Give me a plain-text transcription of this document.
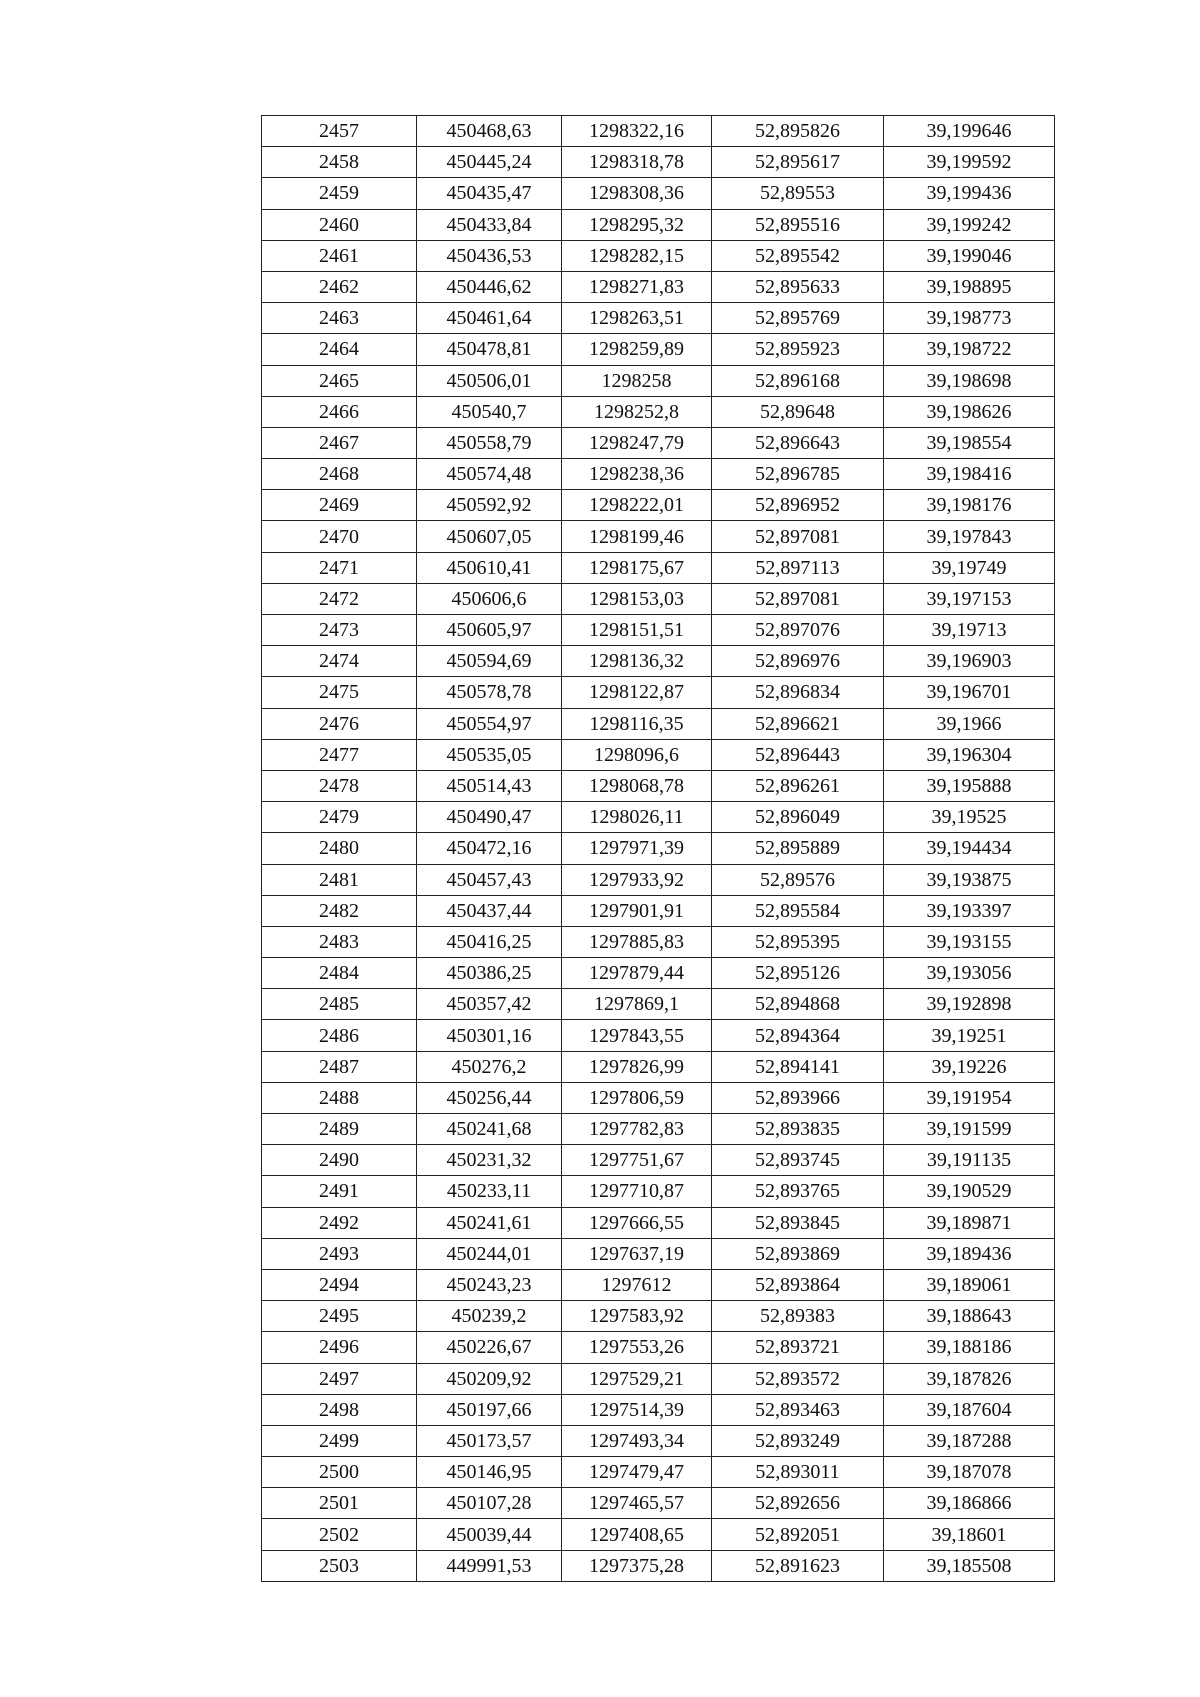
2457	450468,63	1298322,16	52,895826	39,199646
2458	450445,24	1298318,78	52,895617	39,199592
2459	450435,47	1298308,36	52,89553	39,199436
2460	450433,84	1298295,32	52,895516	39,199242
2461	450436,53	1298282,15	52,895542	39,199046
2462	450446,62	1298271,83	52,895633	39,198895
2463	450461,64	1298263,51	52,895769	39,198773
2464	450478,81	1298259,89	52,895923	39,198722
2465	450506,01	1298258	52,896168	39,198698
2466	450540,7	1298252,8	52,89648	39,198626
2467	450558,79	1298247,79	52,896643	39,198554
2468	450574,48	1298238,36	52,896785	39,198416
2469	450592,92	1298222,01	52,896952	39,198176
2470	450607,05	1298199,46	52,897081	39,197843
2471	450610,41	1298175,67	52,897113	39,19749
2472	450606,6	1298153,03	52,897081	39,197153
2473	450605,97	1298151,51	52,897076	39,19713
2474	450594,69	1298136,32	52,896976	39,196903
2475	450578,78	1298122,87	52,896834	39,196701
2476	450554,97	1298116,35	52,896621	39,1966
2477	450535,05	1298096,6	52,896443	39,196304
2478	450514,43	1298068,78	52,896261	39,195888
2479	450490,47	1298026,11	52,896049	39,19525
2480	450472,16	1297971,39	52,895889	39,194434
2481	450457,43	1297933,92	52,89576	39,193875
2482	450437,44	1297901,91	52,895584	39,193397
2483	450416,25	1297885,83	52,895395	39,193155
2484	450386,25	1297879,44	52,895126	39,193056
2485	450357,42	1297869,1	52,894868	39,192898
2486	450301,16	1297843,55	52,894364	39,19251
2487	450276,2	1297826,99	52,894141	39,19226
2488	450256,44	1297806,59	52,893966	39,191954
2489	450241,68	1297782,83	52,893835	39,191599
2490	450231,32	1297751,67	52,893745	39,191135
2491	450233,11	1297710,87	52,893765	39,190529
2492	450241,61	1297666,55	52,893845	39,189871
2493	450244,01	1297637,19	52,893869	39,189436
2494	450243,23	1297612	52,893864	39,189061
2495	450239,2	1297583,92	52,89383	39,188643
2496	450226,67	1297553,26	52,893721	39,188186
2497	450209,92	1297529,21	52,893572	39,187826
2498	450197,66	1297514,39	52,893463	39,187604
2499	450173,57	1297493,34	52,893249	39,187288
2500	450146,95	1297479,47	52,893011	39,187078
2501	450107,28	1297465,57	52,892656	39,186866
2502	450039,44	1297408,65	52,892051	39,18601
2503	449991,53	1297375,28	52,891623	39,185508
